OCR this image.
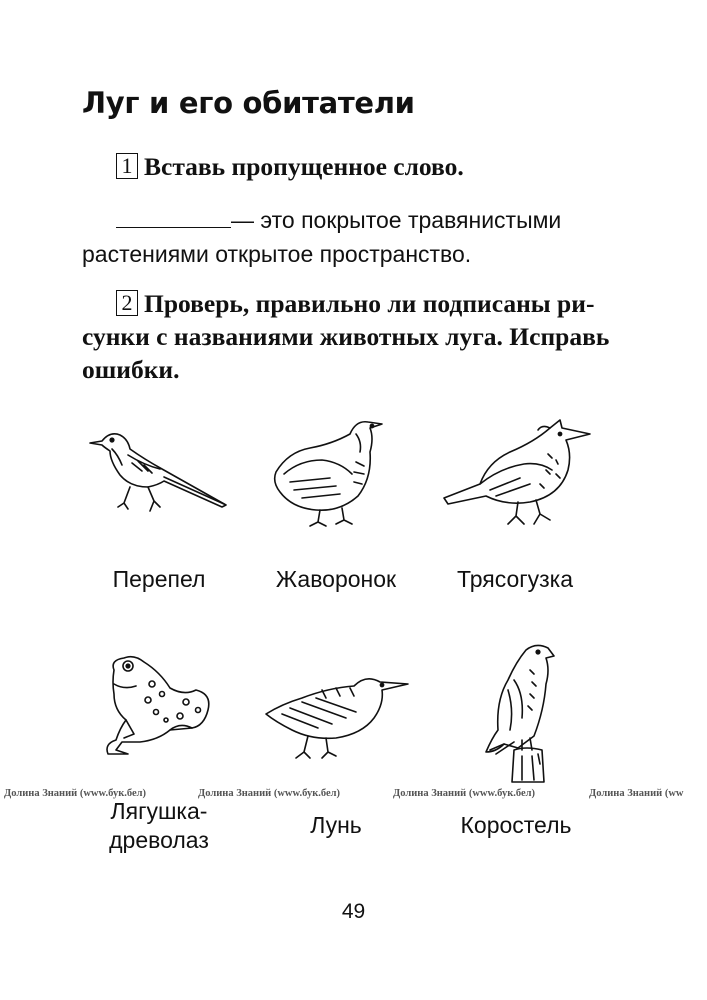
Луг и его обитатели
1 Вставь пропущенное слово.
— это покрытое травянистыми растениями открытое пространство.
2 Проверь, правильно ли подписаны рисунки с названиями животных луга. Исправь ошибки.
Перепел	Жаворонок	Трясогузка
Лягушка-
древолаз
Лунь	Коростель
Долина Знаний (www.бук.бел)	Долина Знаний (www.бук.бел)	Долина Знаний (www.бук.бел)	Долина Знаний (ww
49
